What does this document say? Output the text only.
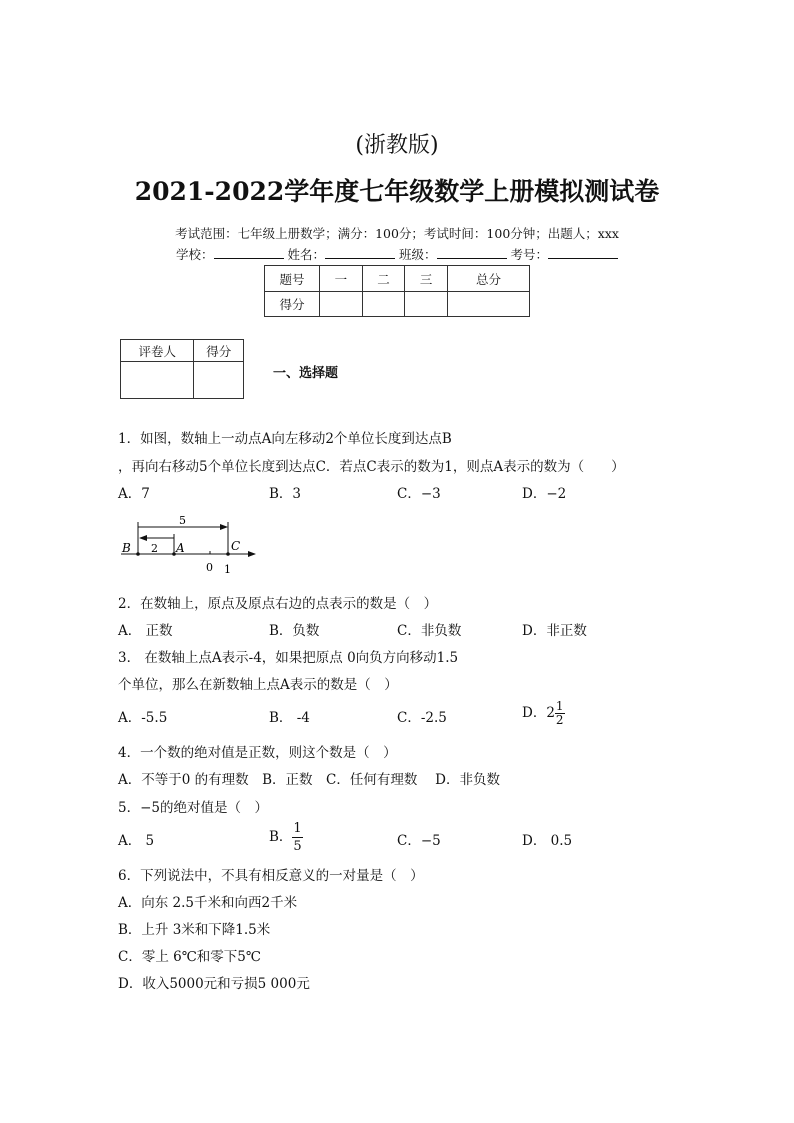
(浙教版)
2021-2022学年度七年级数学上册模拟测试卷
考试范围：七年级上册数学；满分：100分；考试时间：100分钟；出题人；xxx
学校：	姓名：	班级：	考号：
题号	一	二	三	总分
得分				
评卷人	得分

一、选择题
1．如图，数轴上一动点A向左移动2个单位长度到达点B
，再向右移动5个单位长度到达点C．若点C表示的数为1，则点A表示的数为（　　）
A．7	B．3	C．−3	D．−2
5
2
B	A	C
0 1
2．在数轴上，原点及原点右边的点表示的数是（　）
A． 正数	B．负数	C．非负数	D．非正数
3． 在数轴上点A表示-4，如果把原点 0向负方向移动1.5
个单位，那么在新数轴上点A表示的数是（　）
A．-5.5	B． -4	C．-2.5	D．$2 \frac{1}{2}$
4．一个数的绝对值是正数，则这个数是（　）
A．不等于0 的有理数　B．正数　C．任何有理数　 D．非负数
5．−5的绝对值是（　）
A． 5	B． $\frac{1}{5}$	C．−5	D． 0.5
6．下列说法中，不具有相反意义的一对量是（　）
A．向东 2.5千米和向西2千米
B．上升 3米和下降1.5米
C．零上 6℃和零下5℃
D．收入5000元和亏损5 000元
